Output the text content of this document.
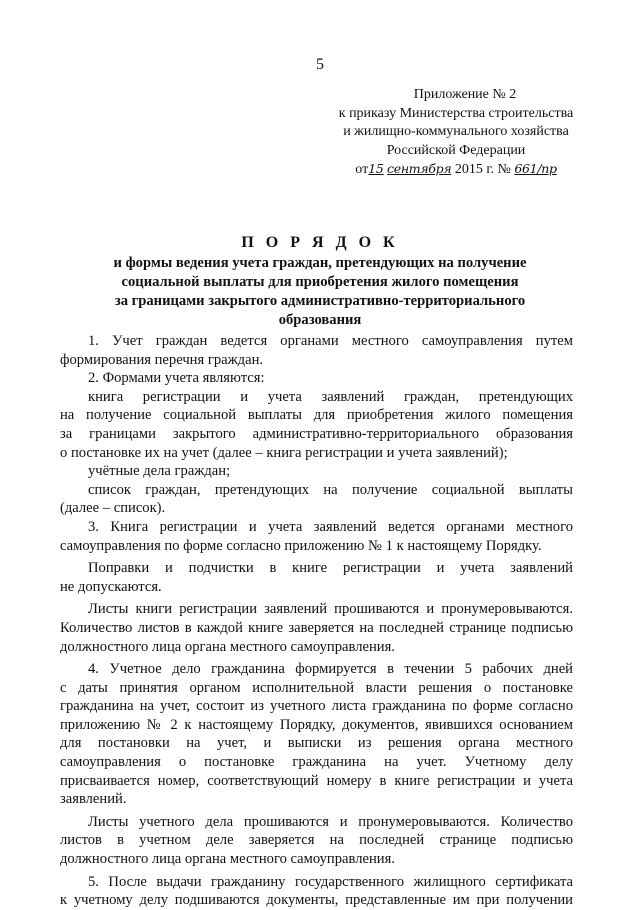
5
Приложение № 2
к приказу Министерства строительства
и жилищно-коммунального хозяйства
Российской Федерации
от15 сентября 2015 г. № 661/пр
П О Р Я Д О К
и формы ведения учета граждан, претендующих на получение
социальной выплаты для приобретения жилого помещения
за границами закрытого административно-территориального
образования
1. Учет граждан ведется органами местного самоуправления путем
формирования перечня граждан.
2. Формами учета являются:
книга регистрации и учета заявлений граждан, претендующих
на получение социальной выплаты для приобретения жилого помещения
за границами закрытого административно-территориального образования
о постановке их на учет (далее – книга регистрации и учета заявлений);
учётные дела граждан;
список граждан, претендующих на получение социальной выплаты
(далее – список).
3. Книга регистрации и учета заявлений ведется органами местного
самоуправления по форме согласно приложению № 1 к настоящему Порядку.
Поправки и подчистки в книге регистрации и учета заявлений
не допускаются.
Листы книги регистрации заявлений прошиваются и пронумеровываются.
Количество листов в каждой книге заверяется на последней странице подписью
должностного лица органа местного самоуправления.
4. Учетное дело гражданина формируется в течении 5 рабочих дней
с даты принятия органом исполнительной власти решения о постановке
гражданина на учет, состоит из учетного листа гражданина по форме согласно
приложению № 2 к настоящему Порядку, документов, явившихся основанием
для постановки на учет, и выписки из решения органа местного
самоуправления о постановке гражданина на учет. Учетному делу
присваивается номер, соответствующий номеру в книге регистрации и учета
заявлений.
Листы учетного дела прошиваются и пронумеровываются. Количество
листов в учетном деле заверяется на последней странице подписью
должностного лица органа местного самоуправления.
5. После выдачи гражданину государственного жилищного сертификата
к учетному делу подшиваются документы, представленные им при получении
